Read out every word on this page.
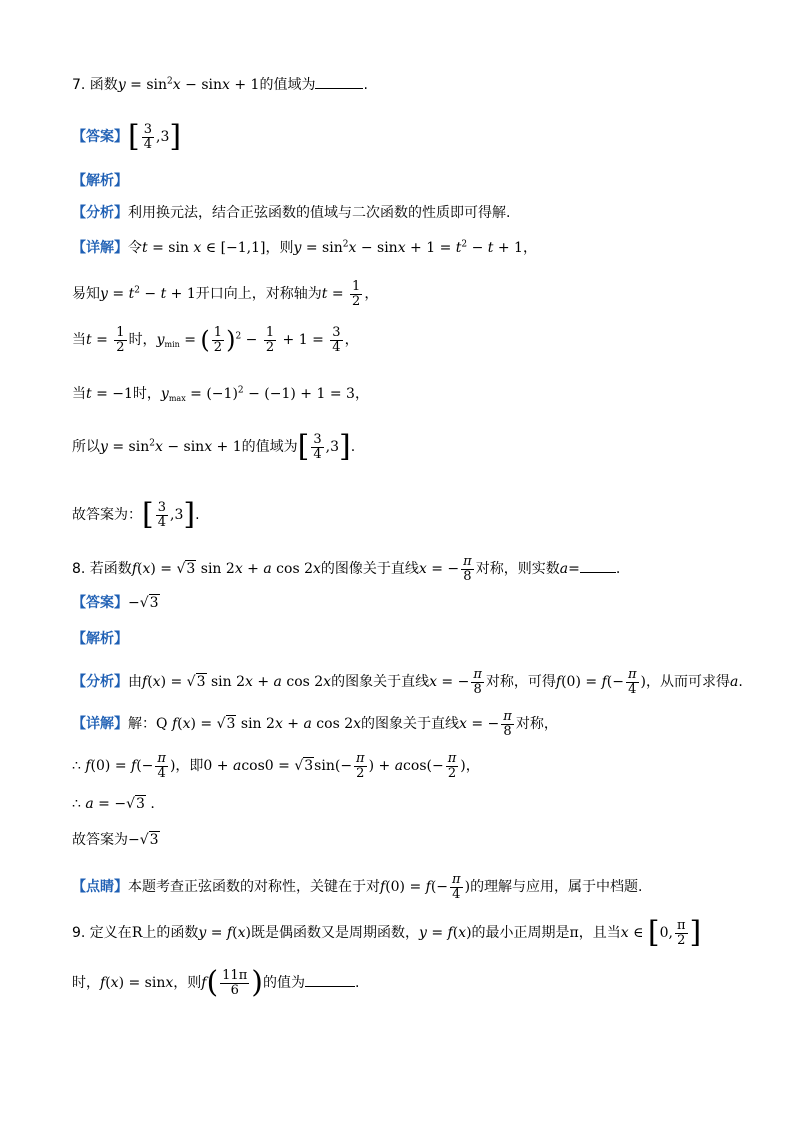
7. 函数$y = \sin^2x - \sin x + 1$的值域为	.
【答案】[ $\frac{3}{4} ,3$]
【解析】
【分析】利用换元法，结合正弦函数的值域与二次函数的性质即可得解.
【详解】令t = sin x ∈ [−1,1]，则$y = \sin^2x - \sin x + 1 = t^2 - t + 1$，
易知$y = t^2 - t + 1$开口向上，对称轴为$t = \frac{1}{2}$ ，
当$t = \frac{1}{2}$ 时，$y_{min}$ = ( $\frac{1}{2} )^2 - \frac{1}{2} + 1 = \frac{3}{4}$ ，
当t = −1时，$y_{max} = (-1)^2 - (-1) + 1 = 3$，
所以$y = \sin^2x - \sin x + 1$的值域为[ $\frac{3}{4} ,3$].
故答案为：[ $\frac{3}{4} ,3$].
8. 若函数f(x) = √3 sin 2x + a cos 2x的图像关于直线x = − $\frac{\pi}{8}$ 对称，则实数a=	.
【答案】−√3
【解析】
【分析】由f(x) = √3 sin 2x + a cos 2x的图象关于直线x = − $\frac{\pi}{8}$ 对称，可得$f(0) = f(- \frac{\pi}{4}$ )，从而可求得a.
【详解】解：Q f(x) = √3 sin 2x + a cos 2x的图象关于直线x = − $\frac{\pi}{8}$ 对称，
∴ $f(0) = f(- \frac{\pi}{4}$ )，即$0 + acos0 = √3\sin(- \frac{\pi}{2}$ ) + $acos(- \frac{\pi}{2}$ )，
∴ a = −√3 .
故答案为−√3
【点睛】本题考查正弦函数的对称性，关键在于对$f(0) = f(- \frac{\pi}{4}$ )的理解与应用，属于中档题.
9. 定义在R上的函数y = f(x)既是偶函数又是周期函数，y = f(x)的最小正周期是π，且当x ∈ [0, $\frac{\pi}{2}$ ]
时，f(x) = sinx，则$f( \frac{11\pi}{6}$ )的值为	.
